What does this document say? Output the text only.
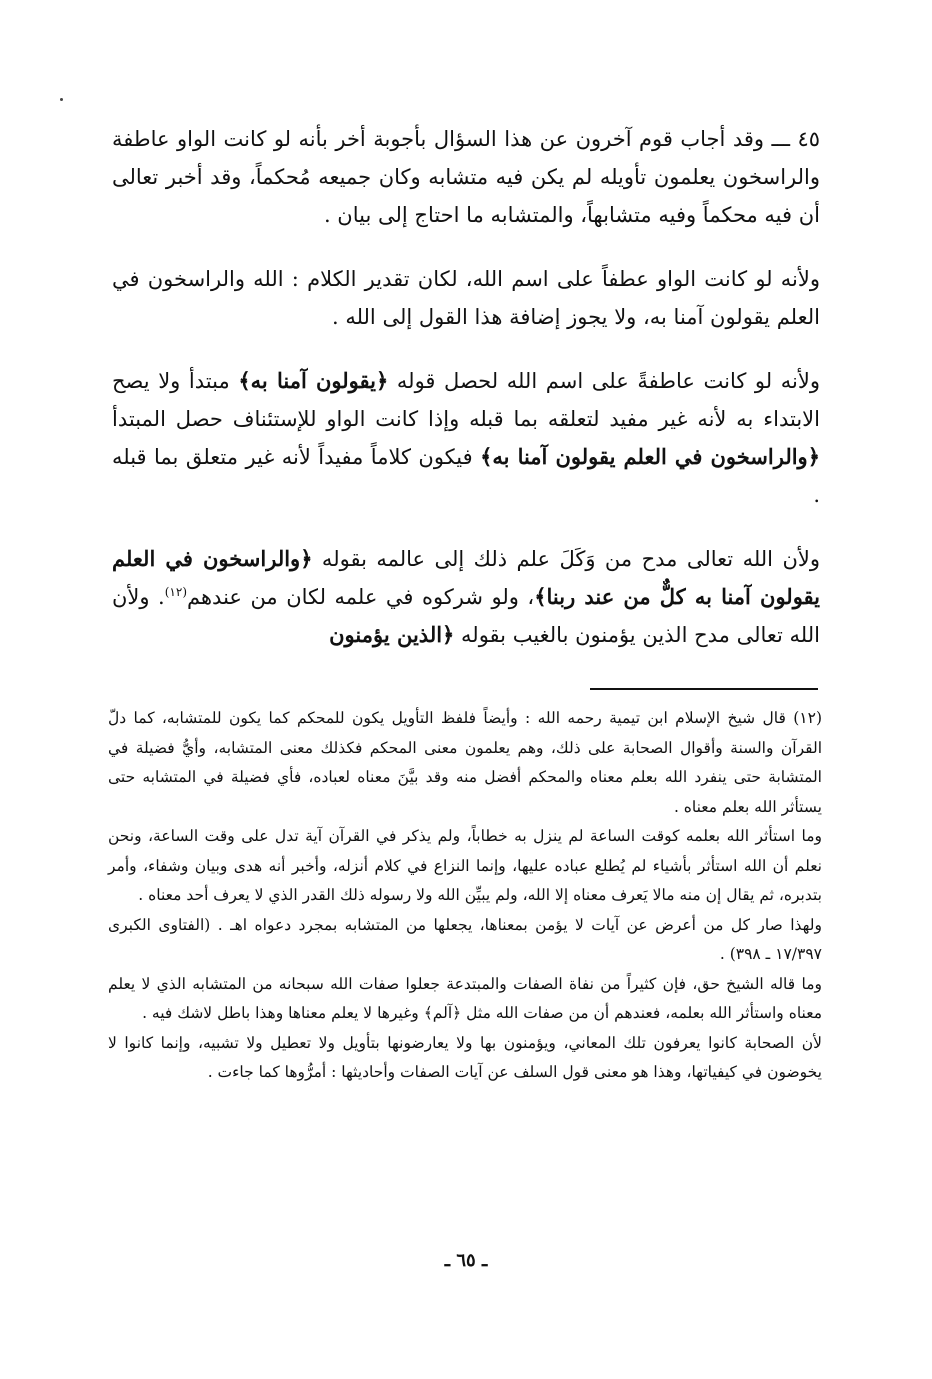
٤٥ ـــ وقد أجاب قوم آخرون عن هذا السؤال بأجوبة أخر بأنه لو كانت الواو عاطفة والراسخون يعلمون تأويله لم يكن فيه متشابه وكان جميعه مُحكماً، وقد أخبر تعالى أن فيه محكماً وفيه متشابهاً، والمتشابه ما احتاج إلى بيان .

ولأنه لو كانت الواو عطفاً على اسم الله، لكان تقدير الكلام : الله والراسخون في العلم يقولون آمنا به، ولا يجوز إضافة هذا القول إلى الله .

ولأنه لو كانت عاطفةً على اسم الله لحصل قوله ﴿يقولون آمنا به﴾ مبتدأ ولا يصح الابتداء به لأنه غير مفيد لتعلقه بما قبله وإذا كانت الواو للإستئناف حصل المبتدأ ﴿والراسخون في العلم يقولون آمنا به﴾ فيكون كلاماً مفيداً لأنه غير متعلق بما قبله .

ولأن الله تعالى مدح من وَكَلَ علم ذلك إلى عالمه بقوله ﴿والراسخون في العلم يقولون آمنا به كلٌّ من عند ربنا﴾، ولو شركوه في علمه لكان من عندهم$^{(١٢)}$. ولأن الله تعالى مدح الذين يؤمنون بالغيب بقوله ﴿الذين يؤمنون

(١٢) قال شيخ الإسلام ابن تيمية رحمه الله : وأيضاً فلفظ التأويل يكون للمحكم كما يكون للمتشابه، كما دلّ القرآن والسنة وأقوال الصحابة على ذلك، وهم يعلمون معنى المحكم فكذلك معنى المتشابه، وأيُّ فضيلة في المتشابة حتى ينفرد الله بعلم معناه والمحكم أفضل منه وقد بيَّنَ معناه لعباده، فأي فضيلة في المتشابه حتى يستأثر الله بعلم معناه .

وما استأثر الله بعلمه كوقت الساعة لم ينزل به خطاباً، ولم يذكر في القرآن آية تدل على وقت الساعة، ونحن نعلم أن الله استأثر بأشياء لم يُطلع عباده عليها، وإنما النزاع في كلام أنزله، وأخبر أنه هدى وبيان وشفاء، وأمر بتدبره، ثم يقال إن منه مالا يَعرف معناه إلا الله، ولم يبيِّن الله ولا رسوله ذلك القدر الذي لا يعرف أحد معناه .

ولهذا صار كل من أعرض عن آيات لا يؤمن بمعناها، يجعلها من المتشابه بمجرد دعواه اهـ . (الفتاوى الكبرى ١٧/٣٩٧ ـ ٣٩٨) .

وما قاله الشيخ حق، فإن كثيراً من نفاة الصفات والمبتدعة جعلوا صفات الله سبحانه من المتشابه الذي لا يعلم معناه واستأثر الله بعلمه، فعندهم أن من صفات الله مثل ﴿آلم﴾ وغيرها لا يعلم معناها وهذا باطل لاشك فيه .

لأن الصحابة كانوا يعرفون تلك المعاني، ويؤمنون بها ولا يعارضونها بتأويل ولا تعطيل ولا تشبيه، وإنما كانوا لا يخوضون في كيفياتها، وهذا هو معنى قول السلف عن آيات الصفات وأحاديثها : أمرُّوها كما جاءت .

ـ ٦٥ ـ
